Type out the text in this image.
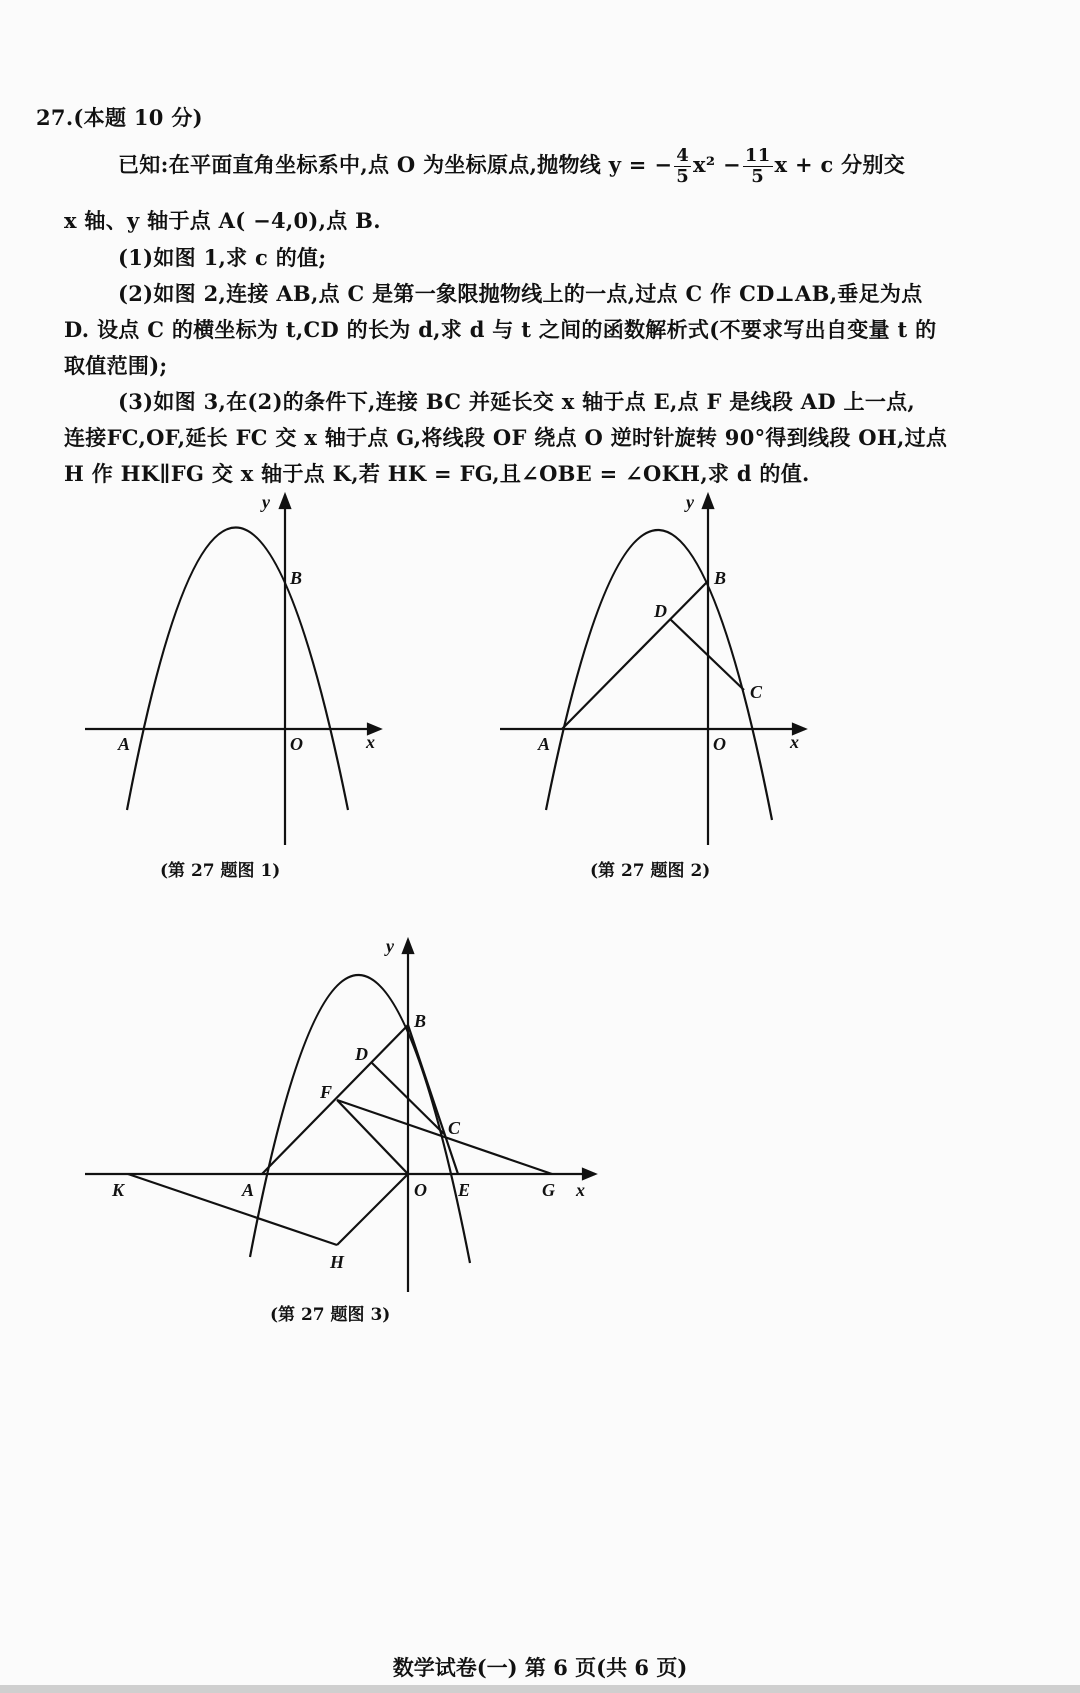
27.(本题 10 分)
已知:在平面直角坐标系中,点 O 为坐标原点,抛物线 y = − $\frac{4}{5} x^2 - \frac{11}{5}$ x + c 分别交
x 轴、y 轴于点 A( −4,0),点 B.
(1)如图 1,求 c 的值;
(2)如图 2,连接 AB,点 C 是第一象限抛物线上的一点,过点 C 作 CD⊥AB,垂足为点
D. 设点 C 的横坐标为 t,CD 的长为 d,求 d 与 t 之间的函数解析式(不要求写出自变量 t 的
取值范围);
(3)如图 3,在(2)的条件下,连接 BC 并延长交 x 轴于点 E,点 F 是线段 AD 上一点,
连接FC,OF,延长 FC 交 x 轴于点 G,将线段 OF 绕点 O 逆时针旋转 90°得到线段 OH,过点
H 作 HK∥FG 交 x 轴于点 K,若 HK = FG,且∠OBE = ∠OKH,求 d 的值.
y
x
A	O
B
(第 27 题图 1)
y
x
A	O
B
D
C
(第 27 题图 2)
y
x
B
D
F
C
K	A	O E	G
H
(第 27 题图 3)
数学试卷(一) 第 6 页(共 6 页)
